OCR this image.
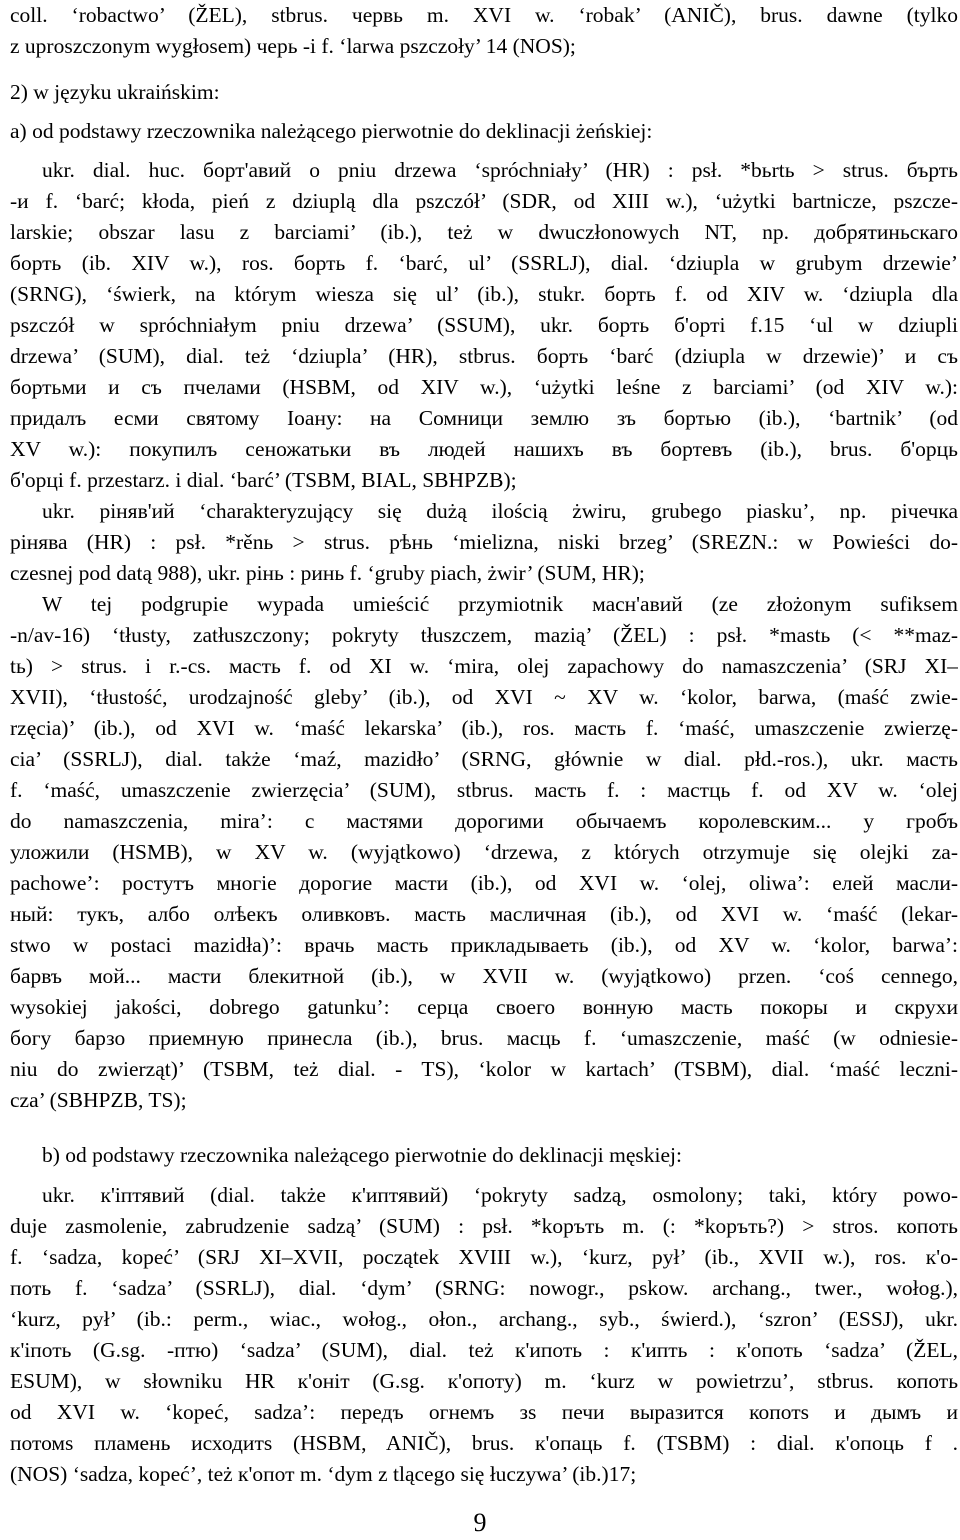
coll. ‘robactwo’ (ŽEL), stbrus. червь m. XVI w. ‘robak’ (ANIČ), brus. dawne (tylko
z uproszczonym wygłosem) черь -i f. ‘larwa pszczoły’ 14 (NOS);
2) w języku ukraińskim:
a) od podstawy rzeczownika należącego pierwotnie do deklinacji żeńskiej:
ukr. dial. huc. борт'авий o pniu drzewa ‘spróchniały’ (HR) : psł. *bьrtь > strus. бърть
-и f. ‘barć; kłoda, pień z dziuplą dla pszczół’ (SDR, od XIII w.), ‘użytki bartnicze, pszcze-
larskie; obszar lasu z barciami’ (ib.), też w dwuczłonowych NT, np. добрятиньскаго
борть (ib. XIV w.), ros. борть f. ‘barć, ul’ (SSRLJ), dial. ‘dziupla w grubym drzewie’
(SRNG), ‘świerk, na którym wiesza się ul’ (ib.), stukr. борть f. od XIV w. ‘dziupla dla
pszczół w spróchniałym pniu drzewa’ (SSUM), ukr. борть б'орті f.15 ‘ul w dziupli
drzewa’ (SUM), dial. też ‘dziupla’ (HR), stbrus. борть ‘barć (dziupla w drzewie)’ и съ
бортьми и съ пчелами (HSBM, od XIV w.), ‘użytki leśne z barciami’ (od XIV w.):
придалъ есми святому Іоану: на Сомници землю зъ бортью (ib.), ‘bartnik’ (od
XV w.): покупилъ сеножатьки въ людей нашихъ въ бортевъ (ib.), brus. б'орць
б'орці f. przestarz. i dial. ‘barć’ (TSBM, BIAL, SBHPZB);
ukr. рiняв'ий ‘charakteryzujący się dużą ilością żwiru, grubego piasku’, np. річечка
рінява (HR) : psł. *rěnь > strus. рѣнь ‘mielizna, niski brzeg’ (SREZN.: w Powieści do-
czesnej pod datą 988), ukr. рінь : ринь f. ‘gruby piach, żwir’ (SUM, HR);
W tej podgrupie wypada umieścić przymiotnik масн'авий (ze złożonym sufiksem
-n/av-16) ‘tłusty, zatłuszczony; pokryty tłuszczem, mazią’ (ŽEL) : psł. *mastь (< **maz-
tь) > strus. i r.-cs. масть f. od XI w. ‘mira, olej zapachowy do namaszczenia’ (SRJ XI–
XVII), ‘tłustość, urodzajność gleby’ (ib.), od XVI ~ XV w. ‘kolor, barwa, (maść zwie-
rzęcia)’ (ib.), od XVI w. ‘maść lekarska’ (ib.), ros. масть f. ‘maść, umaszczenie zwierzę-
cia’ (SSRLJ), dial. także ‘maź, mazidło’ (SRNG, głównie w dial. płd.-ros.), ukr. масть
f. ‘maść, umaszczenie zwierzęcia’ (SUM), stbrus. масть f. : мастць f. od XV w. ‘olej
do namaszczenia, mira’: с мастями дорогими обычаемъ королевским... у гробъ
уложили (HSMB), w XV w. (wyjątkowo) ‘drzewa, z których otrzymuje się olejki za-
pachowe’: ростутъ многіе дорогие масти (ib.), od XVI w. ‘olej, oliwa’: елей масли-
ный: тукъ, албо олѣекъ оливковъ. масть масличная (ib.), od XVI w. ‘maść (lekar-
stwo w postaci mazidła)’: врачь масть прикладываеть (ib.), od XV w. ‘kolor, barwa’:
барвъ мой... масти блекитной (ib.), w XVII w. (wyjątkowo) przen. ‘coś cennego,
wysokiej jakości, dobrego gatunku’: серца своего вонную масть покоры и скрухи
богу барзо приемную принесла (ib.), brus. масць f. ‘umaszczenie, maść (w odniesie-
niu do zwierząt)’ (TSBM, też dial. - TS), ‘kolor w kartach’ (TSBM), dial. ‘maść leczni-
cza’ (SBHPZB, TS);
b) od podstawy rzeczownika należącego pierwotnie do deklinacji męskiej:
ukr. к'іптявий (dial. także к'иптявий) ‘pokryty sadzą, osmolony; taki, który powo-
duje zasmolenie, zabrudzenie sadzą’ (SUM) : psł. *kоръть m. (: *kоръть?) > stros. копоть
f. ‘sadza, kopeć’ (SRJ XI–XVII, początek XVIII w.), ‘kurz, pył’ (ib., XVII w.), ros. к'о-
поть f. ‘sadza’ (SSRLJ), dial. ‘dym’ (SRNG: nowogr., pskow. archang., twer., wołog.),
‘kurz, pył’ (ib.: perm., wiac., wołog., ołon., archang., syb., świerd.), ‘szron’ (ESSJ), ukr.
к'іпоть (G.sg. -птю) ‘sadza’ (SUM), dial. też к'ипоть : к'ипть : к'опоть ‘sadza’ (ŽEL,
ESUM), w słowniku HR к'оніт (G.sg. к'опоту) m. ‘kurz w powietrzu’, stbrus. копоть
od XVI w. ‘kopeć, sadza’: передъ огнемъ зs печи выразится копотs и дымъ и
потомs пламень исходитs (HSBM, ANIČ), brus. к'опаць f. (TSBM) : dial. к'опоць f .
(NOS) ‘sadza, kopeć’, też к'опот m. ‘dym z tlącego się łuczywa’ (ib.)17;
9
